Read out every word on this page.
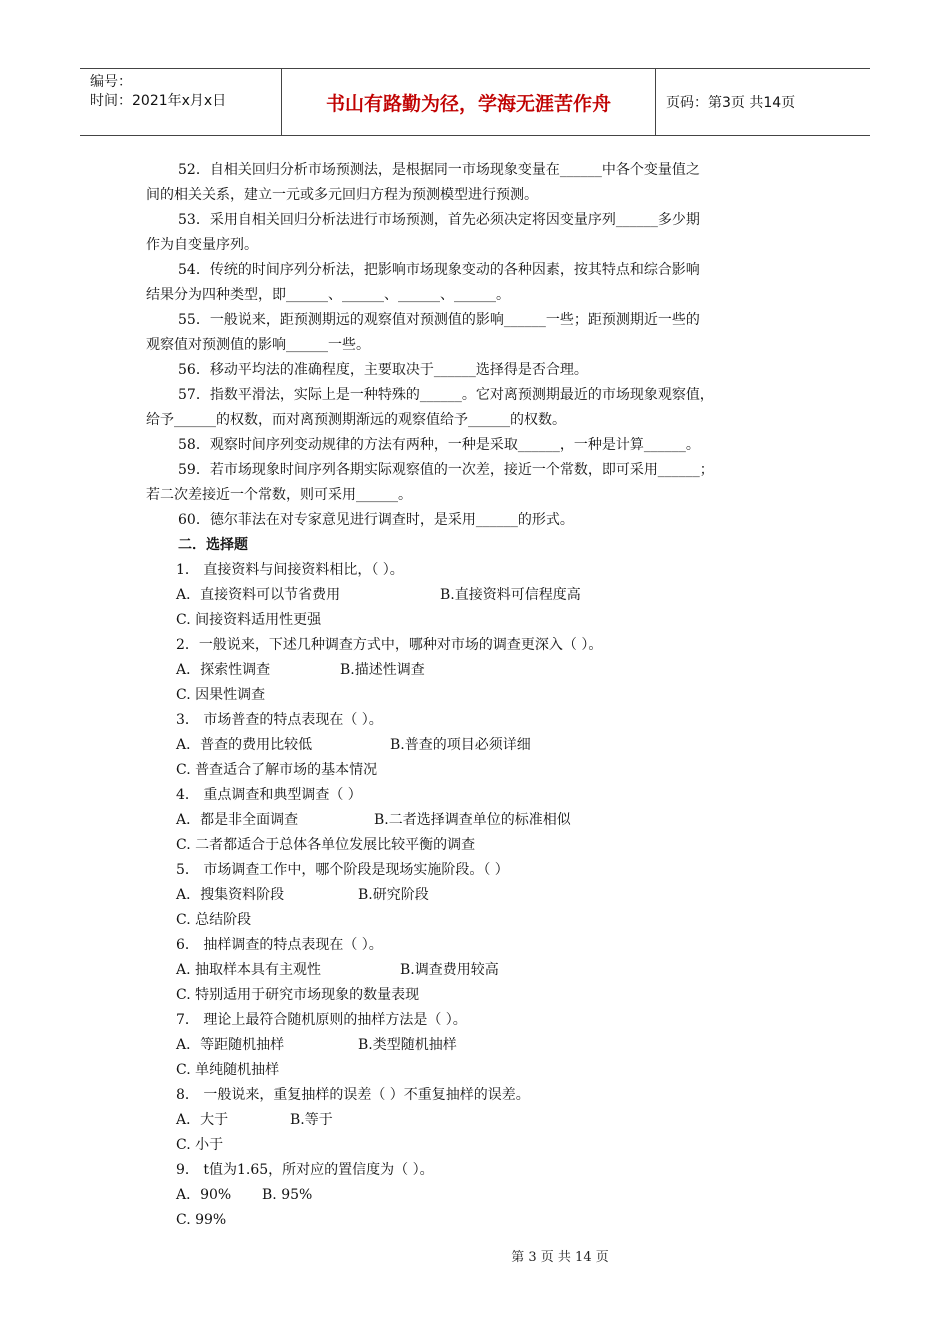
编号：
时间：2021年x月x日	书山有路勤为径，学海无涯苦作舟	页码：第3页 共14页
52．自相关回归分析市场预测法，是根据同一市场现象变量在______中各个变量值之
间的相关关系，建立一元或多元回归方程为预测模型进行预测。
53．采用自相关回归分析法进行市场预测，首先必须决定将因变量序列______多少期
作为自变量序列。
54．传统的时间序列分析法，把影响市场现象变动的各种因素，按其特点和综合影响
结果分为四种类型，即______、______、______、______。
55．一般说来，距预测期远的观察值对预测值的影响______一些；距预测期近一些的
观察值对预测值的影响______一些。
56．移动平均法的准确程度，主要取决于______选择得是否合理。
57．指数平滑法，实际上是一种特殊的______。它对离预测期最近的市场现象观察值，
给予______的权数，而对离预测期渐远的观察值给予______的权数。
58．观察时间序列变动规律的方法有两种，一种是采取______，一种是计算______。
59．若市场现象时间序列各期实际观察值的一次差，接近一个常数，即可采用______；
若二次差接近一个常数，则可采用______。
60．德尔菲法在对专家意见进行调查时，是采用______的形式。
二．选择题
1． 直接资料与间接资料相比，（ ）。
A．直接资料可以节省费用	B.直接资料可信程度高
C. 间接资料适用性更强
2．一般说来，下述几种调查方式中，哪种对市场的调查更深入（ ）。
A．探索性调查	B.描述性调查
C. 因果性调查
3． 市场普查的特点表现在（ ）。
A．普查的费用比较低	B.普查的项目必须详细
C. 普查适合了解市场的基本情况
4． 重点调查和典型调查（ ）
A．都是非全面调查	B.二者选择调查单位的标准相似
C. 二者都适合于总体各单位发展比较平衡的调查
5． 市场调查工作中，哪个阶段是现场实施阶段。（ ）
A．搜集资料阶段	B.研究阶段
C. 总结阶段
6． 抽样调查的特点表现在（ ）。
A. 抽取样本具有主观性	B.调查费用较高
C. 特别适用于研究市场现象的数量表现
7． 理论上最符合随机原则的抽样方法是（ ）。
A．等距随机抽样	B.类型随机抽样
C. 单纯随机抽样
8． 一般说来，重复抽样的误差（ ）不重复抽样的误差。
A．大于	B.等于
C. 小于
9． t值为1.65，所对应的置信度为（ ）。
A．90%	B. 95%
C. 99%
第 3 页 共 14 页
